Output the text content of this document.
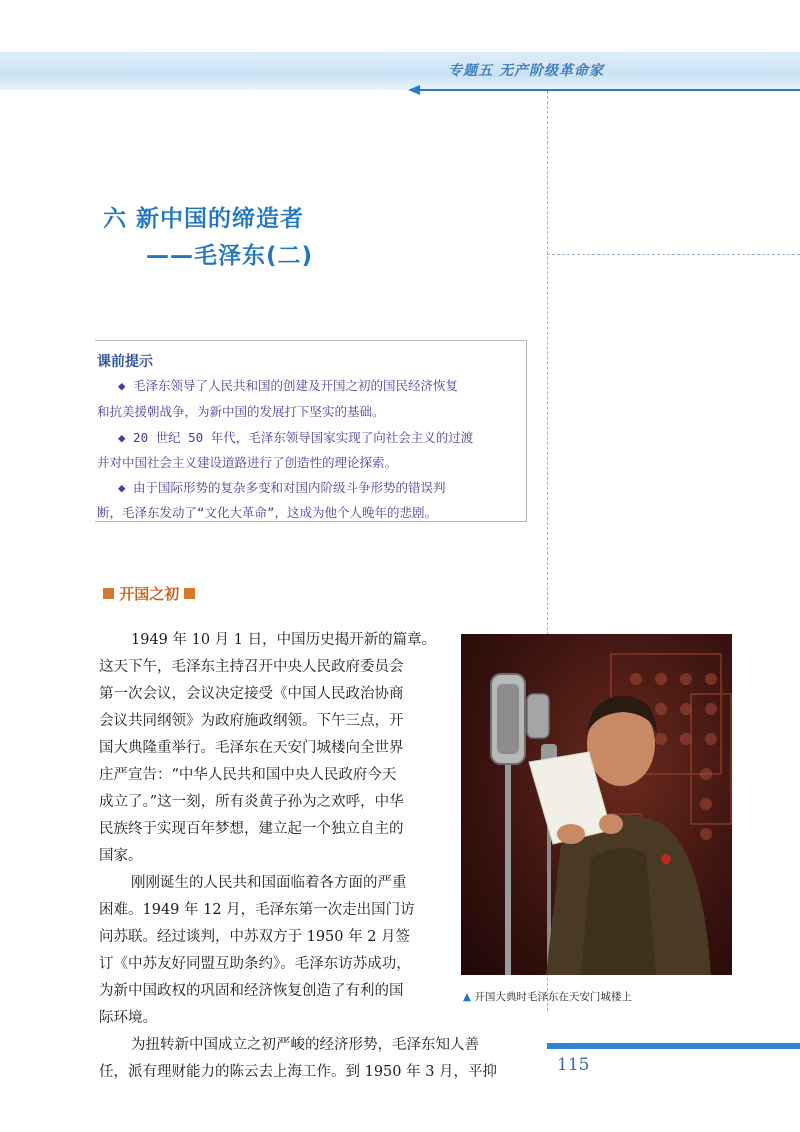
专题五 无产阶级革命家
六 新中国的缔造者
——毛泽东(二)
课前提示
◆ 毛泽东领导了人民共和国的创建及开国之初的国民经济恢复
和抗美援朝战争，为新中国的发展打下坚实的基础。
◆ 20 世纪 50 年代，毛泽东领导国家实现了向社会主义的过渡
并对中国社会主义建设道路进行了创造性的理论探索。
◆ 由于国际形势的复杂多变和对国内阶级斗争形势的错误判
断，毛泽东发动了“文化大革命”，这成为他个人晚年的悲剧。
开国之初
1949 年 10 月 1 日，中国历史揭开新的篇章。
这天下午，毛泽东主持召开中央人民政府委员会
第一次会议，会议决定接受《中国人民政治协商
会议共同纲领》为政府施政纲领。下午三点，开
国大典隆重举行。毛泽东在天安门城楼向全世界
庄严宣告：“中华人民共和国中央人民政府今天
成立了。”这一刻，所有炎黄子孙为之欢呼，中华
民族终于实现百年梦想，建立起一个独立自主的
国家。
刚刚诞生的人民共和国面临着各方面的严重
困难。1949 年 12 月，毛泽东第一次走出国门访
问苏联。经过谈判，中苏双方于 1950 年 2 月签
订《中苏友好同盟互助条约》。毛泽东访苏成功，
为新中国政权的巩固和经济恢复创造了有利的国
际环境。
为扭转新中国成立之初严峻的经济形势，毛泽东知人善
任，派有理财能力的陈云去上海工作。到 1950 年 3 月，平抑
▲ 开国大典时毛泽东在天安门城楼上
115
